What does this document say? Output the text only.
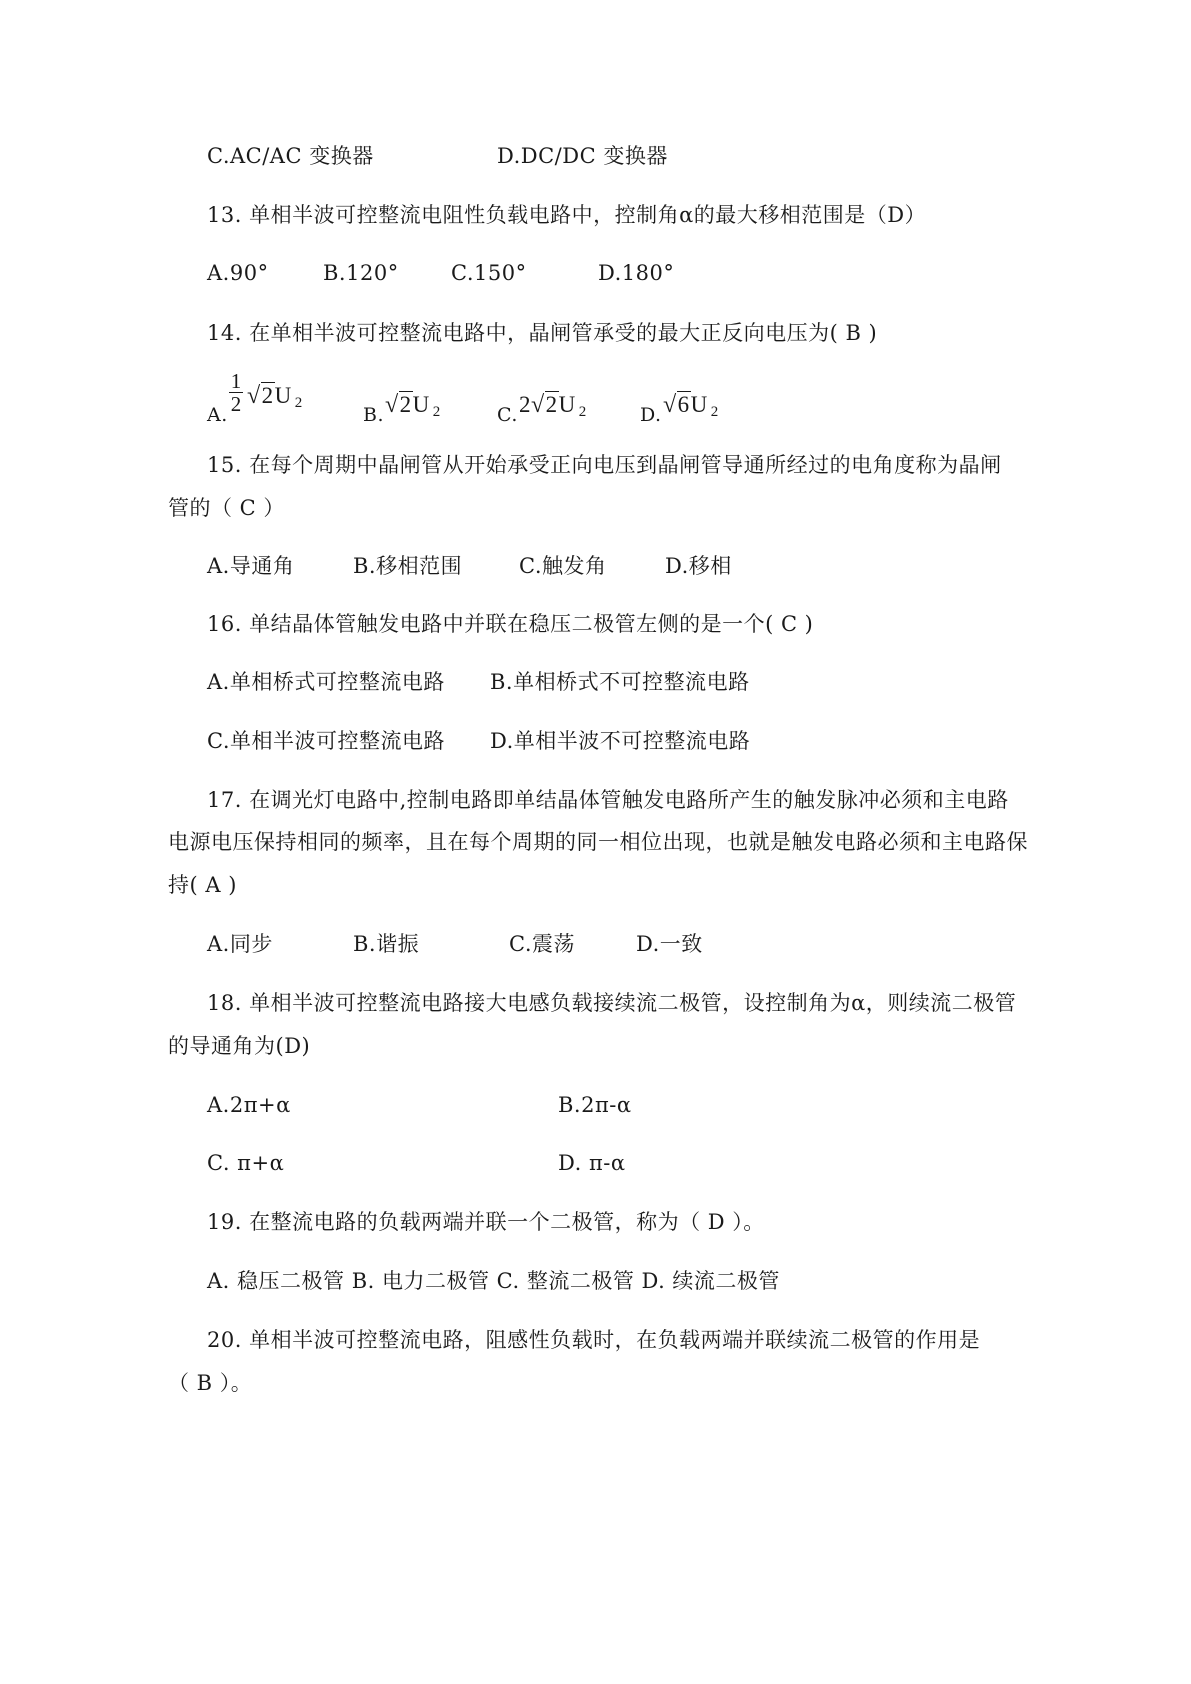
C.AC/AC 变换器	D.DC/DC 变换器
13. 单相半波可控整流电阻性负载电路中，控制角α的最大移相范围是（D）
A.90°	B.120° C.150°	D.180°
14. 在单相半波可控整流电路中，晶闸管承受的最大正反向电压为( B )
A.
1
2 √2U $_2$
B. √2U $_2$	C. 2√2U $_2$	D. √6U $_2$
15. 在每个周期中晶闸管从开始承受正向电压到晶闸管导通所经过的电角度称为晶闸
管的（ C ）
A.导通角	B.移相范围	C.触发角	D.移相
16. 单结晶体管触发电路中并联在稳压二极管左侧的是一个( C )
A.单相桥式可控整流电路 B.单相桥式不可控整流电路
C.单相半波可控整流电路 D.单相半波不可控整流电路
17. 在调光灯电路中,控制电路即单结晶体管触发电路所产生的触发脉冲必须和主电路
电源电压保持相同的频率，且在每个周期的同一相位出现，也就是触发电路必须和主电路保
持( A )
A.同步	B.谐振	C.震荡	D.一致
18. 单相半波可控整流电路接大电感负载接续流二极管，设控制角为α，则续流二极管
的导通角为(D)
A.2π+α	B.2π-α
C. π+α	D. π-α
19. 在整流电路的负载两端并联一个二极管，称为（ D ）。
A. 稳压二极管 B. 电力二极管 C. 整流二极管 D. 续流二极管
20. 单相半波可控整流电路，阻感性负载时，在负载两端并联续流二极管的作用是
（ B ）。
